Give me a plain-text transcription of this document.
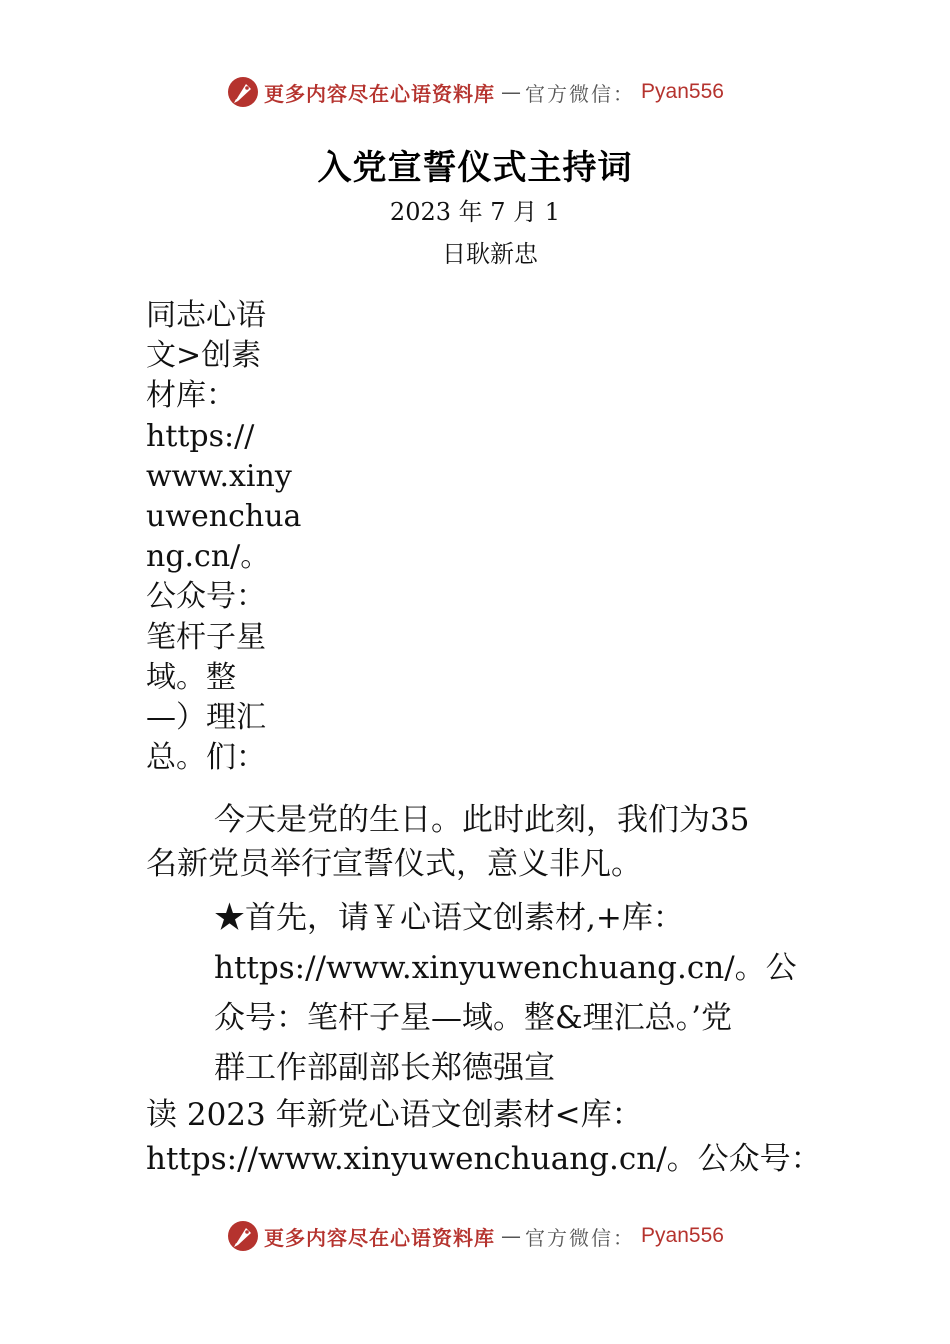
更多内容尽在心语资料库 — 官方微信： Pyan556
入党宣誓仪式主持词
2023 年 7 月 1
日耿新忠
同志心语
文>创素
材库：
https://
www.xiny
uwenchua
ng.cn/。
公众号：
笔杆子星
域。整
—）理汇
总。们：
今天是党的生日。此时此刻，我们为35
名新党员举行宣誓仪式，意义非凡。
★首先，请￥心语文创素材,+库：
https://www.xinyuwenchuang.cn/。公
众号：笔杆子星—域。整&理汇总。’党
群工作部副部长郑德强宣
读 2023 年新党心语文创素材<库：
https://www.xinyuwenchuang.cn/。公众号：
更多内容尽在心语资料库 — 官方微信： Pyan556
